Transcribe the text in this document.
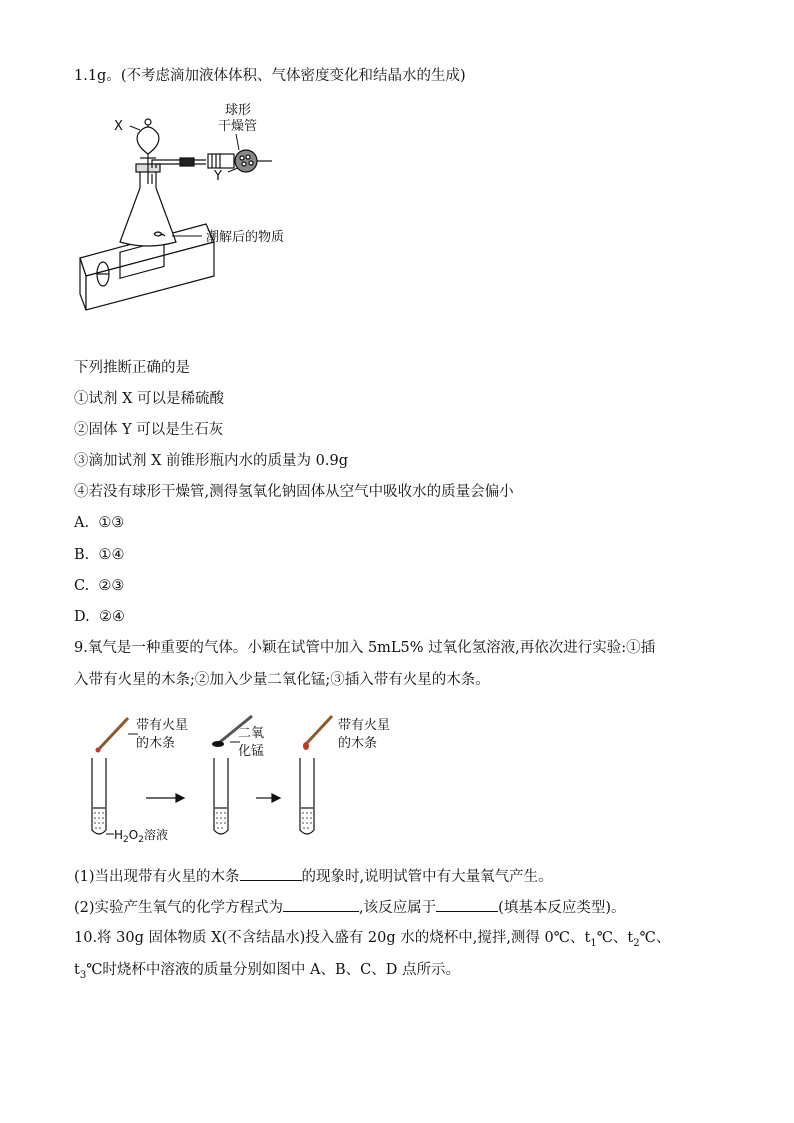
1.1g。(不考虑滴加液体体积、气体密度变化和结晶水的生成)
X
球形
干燥管
Y
潮解后的物质
下列推断正确的是
①试剂 X 可以是稀硫酸
②固体 Y 可以是生石灰
③滴加试剂 X 前锥形瓶内水的质量为 0.9g
④若没有球形干燥管,测得氢氧化钠固体从空气中吸收水的质量会偏小
A. ①③
B. ①④
C. ②③
D. ②④
9.氧气是一种重要的气体。小颖在试管中加入 5mL5% 过氧化氢溶液,再依次进行实验:①插
入带有火星的木条;②加入少量二氧化锰;③插入带有火星的木条。
带有火星
的木条
$H_2O_2$溶液
二氧
化锰
带有火星
的木条
(1)当出现带有火星的木条	的现象时,说明试管中有大量氧气产生。
(2)实验产生氧气的化学方程式为	,该反应属于	(填基本反应类型)。
10.将 30g 固体物质 X(不含结晶水)投入盛有 20g 水的烧杯中,搅拌,测得 0℃、$t_1℃$、$t_2℃$、
$t_3℃$时烧杯中溶液的质量分别如图中 A、B、C、D 点所示。
